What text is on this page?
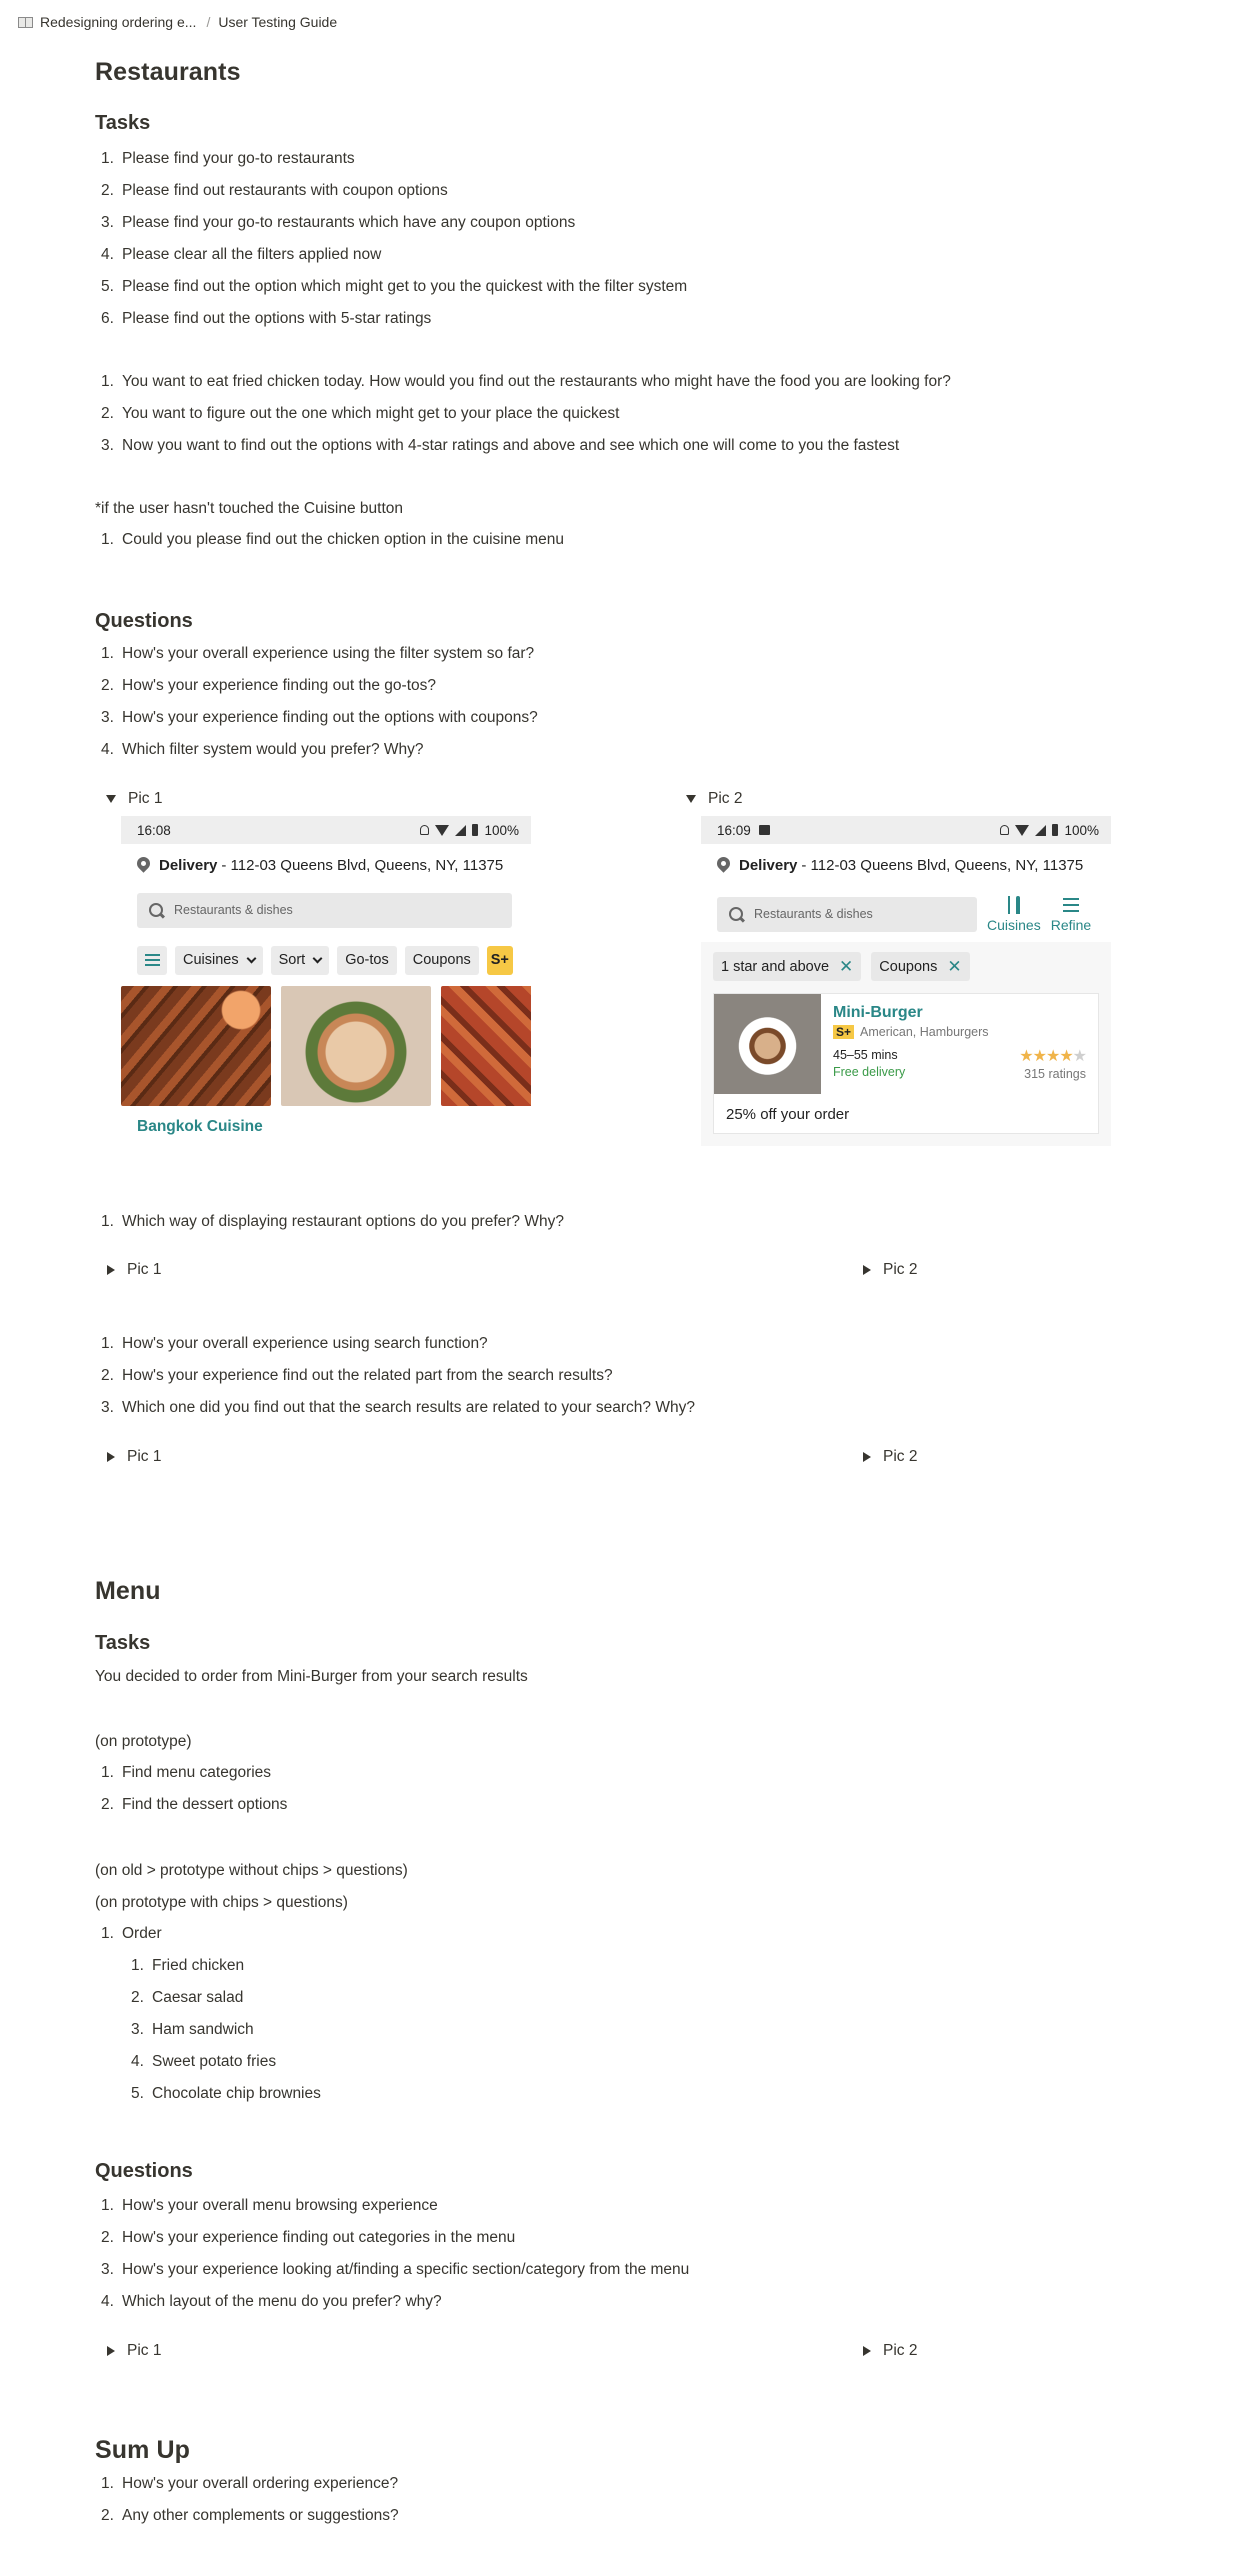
Redesigning ordering e... / User Testing Guide
Restaurants
Tasks
1. Please find your go-to restaurants
2. Please find out restaurants with coupon options
3. Please find your go-to restaurants which have any coupon options
4. Please clear all the filters applied now
5. Please find out the option which might get to you the quickest with the filter system
6. Please find out the options with 5-star ratings
1. You want to eat fried chicken today. How would you find out the restaurants who might have the food you are looking for?
2. You want to figure out the one which might get to your place the quickest
3. Now you want to find out the options with 4-star ratings and above and see which one will come to you the fastest
*if the user hasn't touched the Cuisine button
1. Could you please find out the chicken option in the cuisine menu
Questions
1. How's your overall experience using the filter system so far?
2. How's your experience finding out the go-tos?
3. How's your experience finding out the options with coupons?
4. Which filter system would you prefer? Why?
Pic 1	Pic 2
16:08	100%
Delivery - 112-03 Queens Blvd, Queens, NY, 11375
Restaurants & dishes
Cuisines	Sort	Go-tos	Coupons	S+
Bangkok Cuisine
16:09	100%
Delivery - 112-03 Queens Blvd, Queens, NY, 11375
Restaurants & dishes
Cuisines Refine
1 star and above ✕ Coupons ✕
Mini-Burger
S+ American, Hamburgers
45–55 mins
Free delivery
★★★★★
315 ratings
25% off your order
1. Which way of displaying restaurant options do you prefer? Why?
Pic 1	Pic 2
1. How's your overall experience using search function?
2. How's your experience find out the related part from the search results?
3. Which one did you find out that the search results are related to your search? Why?
Pic 1	Pic 2
Menu
Tasks
You decided to order from Mini-Burger from your search results
(on prototype)
1. Find menu categories
2. Find the dessert options
(on old > prototype without chips > questions)
(on prototype with chips > questions)
1. Order
1. Fried chicken
2. Caesar salad
3. Ham sandwich
4. Sweet potato fries
5. Chocolate chip brownies
Questions
1. How's your overall menu browsing experience
2. How's your experience finding out categories in the menu
3. How's your experience looking at/finding a specific section/category from the menu
4. Which layout of the menu do you prefer? why?
Pic 1	Pic 2
Sum Up
1. How's your overall ordering experience?
2. Any other complements or suggestions?
